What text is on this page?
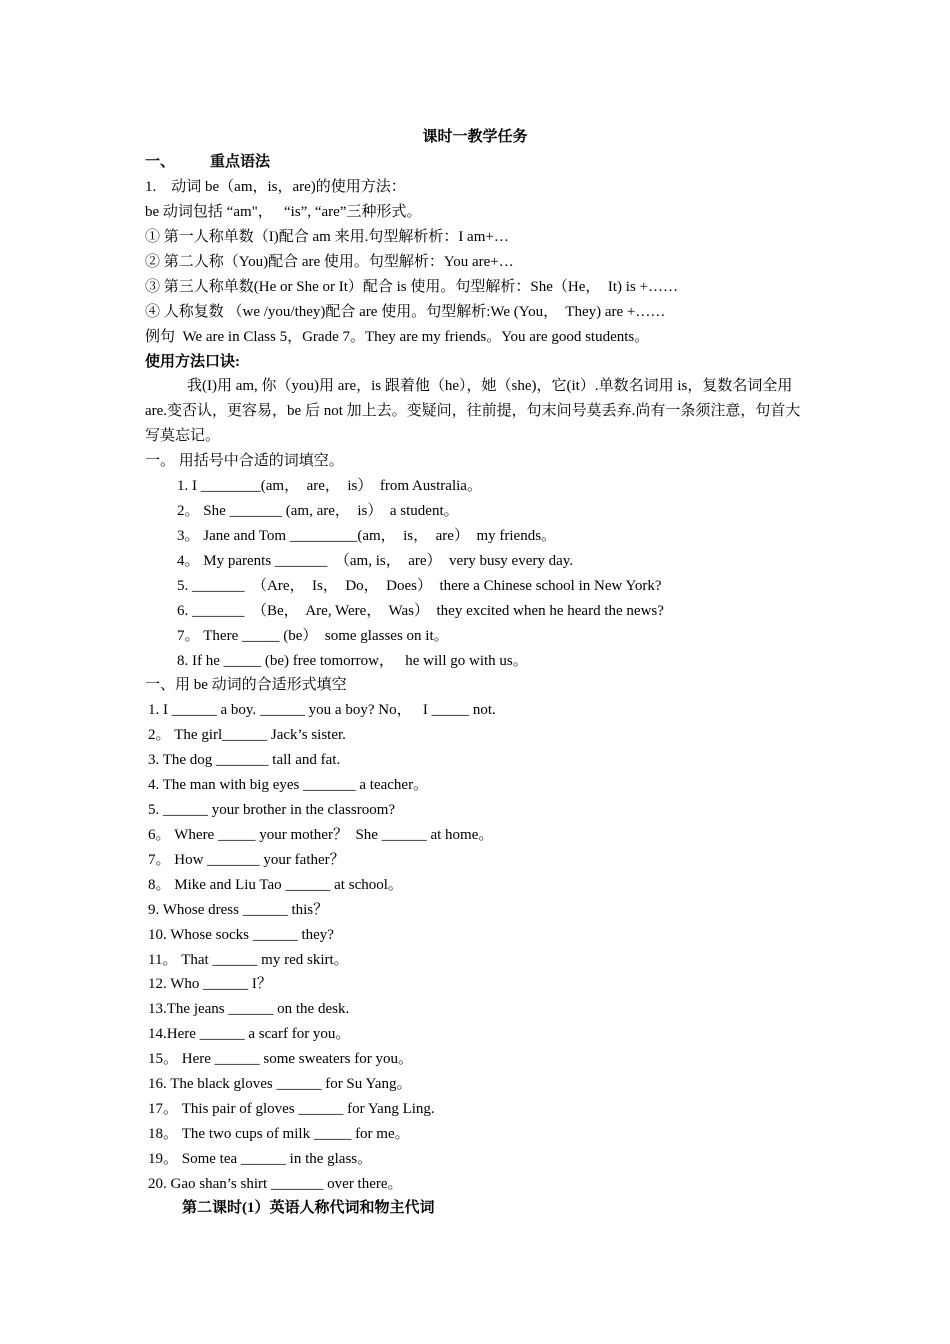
课时一教学任务
一、 重点语法
1.    动词 be（am，is，are)的使用方法：
be 动词包括 “am"，   “is”, “are”三种形式。
① 第一人称单数（I)配合 am 来用.句型解析析：I am+…
② 第二人称（You)配合 are 使用。句型解析：You are+…
③ 第三人称单数(He or She or It）配合 is 使用。句型解析：She（He，  It) is +……
④ 人称复数 （we /you/they)配合 are 使用。句型解析:We (You，  They) are +……
例句  We are in Class 5，Grade 7。They are my friends。You are good students。
使用方法口诀:
我(I)用 am, 你（you)用 are，is 跟着他（he），她（she)，它(it）.单数名词用 is，复数名词全用 are.变否认，更容易，be 后 not 加上去。变疑问，往前提，句末问号莫丢弃.尚有一条须注意，句首大写莫忘记。
一。 用括号中合适的词填空。
1. I ________(am，  are，  is）  from Australia。
2。 She _______ (am, are，  is）  a student。
3。 Jane and Tom _________(am，  is，  are）  my friends。
4。 My parents _______  （am, is，  are）  very busy every day.
5. _______  （Are，  Is，  Do，  Does）  there a Chinese school in New York?
6. _______  （Be，  Are, Were，  Was）  they excited when he heard the news?
7。 There _____ (be）  some glasses on it。
8. If he _____ (be) free tomorrow，   he will go with us。
一、用 be 动词的合适形式填空
1. I ______ a boy. ______ you a boy? No，   I _____ not.
2。 The girl______ Jack’s sister.
3. The dog _______ tall and fat.
4. The man with big eyes _______ a teacher。
5. ______ your brother in the classroom?
6。 Where _____ your mother？  She ______ at home。
7。 How _______ your father？
8。 Mike and Liu Tao ______ at school。
9. Whose dress ______ this？
10. Whose socks ______ they?
11。 That ______ my red skirt。
12. Who ______ I？
13.The jeans ______ on the desk.
14.Here ______ a scarf for you。
15。 Here ______ some sweaters for you。
16. The black gloves ______ for Su Yang。
17。 This pair of gloves ______ for Yang Ling.
18。 The two cups of milk _____ for me。
19。 Some tea ______ in the glass。
20. Gao shan’s shirt _______ over there。
第二课时(1）英语人称代词和物主代词
